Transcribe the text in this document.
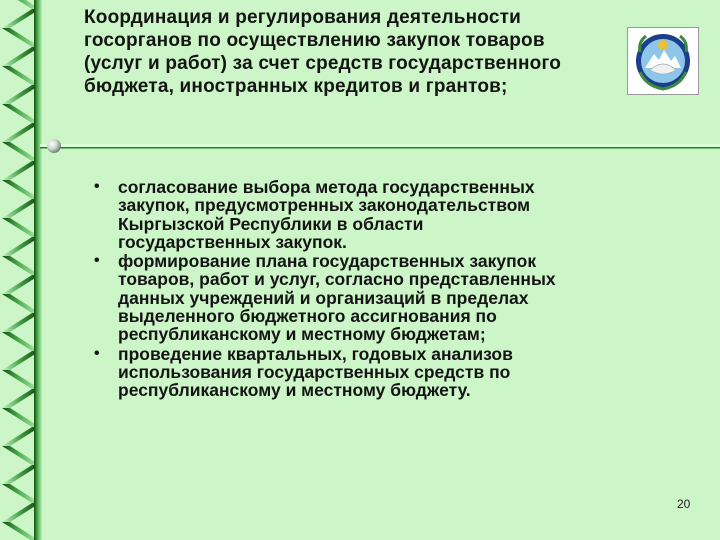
Координация и регулирования деятельности
госорганов по осуществлению закупок товаров
(услуг и работ) за счет средств государственного
бюджета, иностранных кредитов и грантов;
• согласование выбора метода государственных
закупок, предусмотренных законодательством
Кыргызской Республики в области
государственных закупок.
• формирование плана государственных закупок
товаров, работ и услуг, согласно представленных
данных учреждений и организаций в пределах
выделенного бюджетного ассигнования по
республиканскому и местному бюджетам;
• проведение квартальных, годовых анализов
использования государственных средств по
республиканскому и местному бюджету.
20
